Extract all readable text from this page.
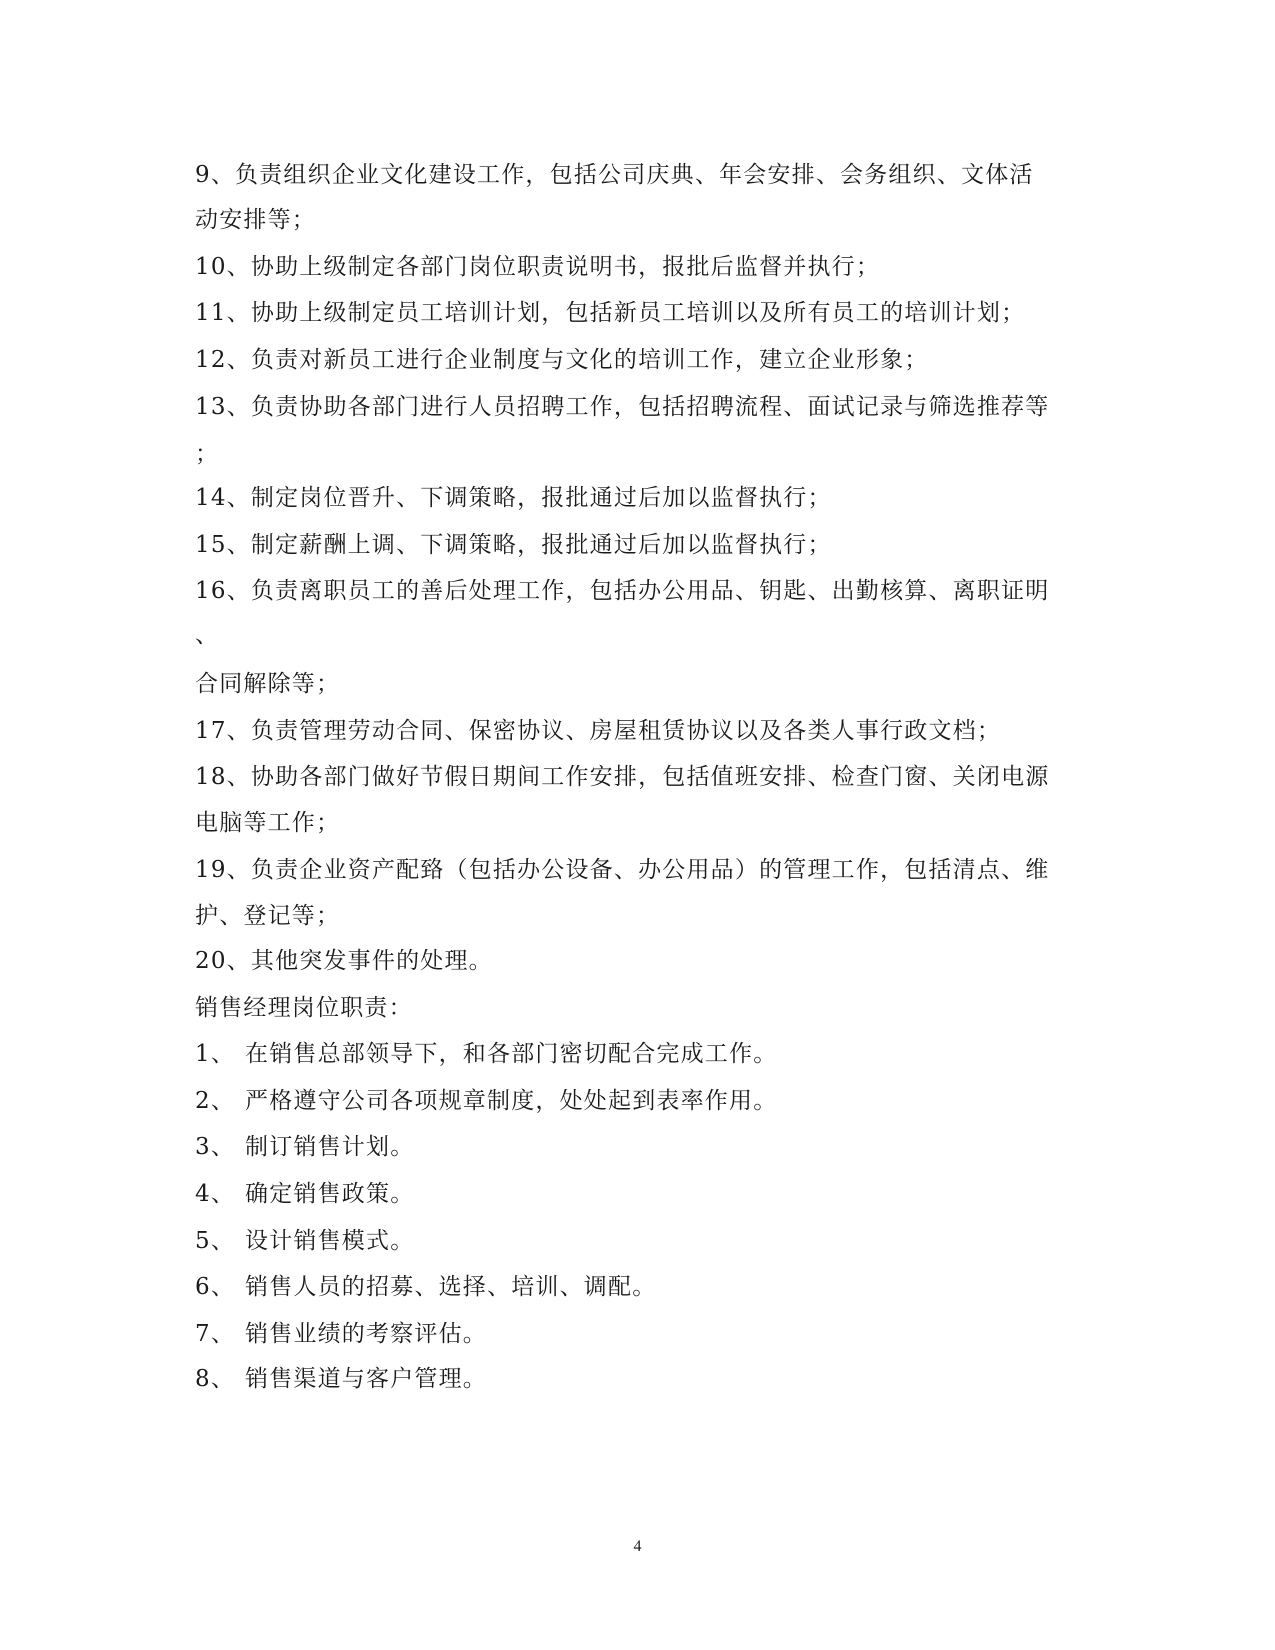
9、负责组织企业文化建设工作，包括公司庆典、年会安排、会务组织、文体活
动安排等；
10、协助上级制定各部门岗位职责说明书，报批后监督并执行；
11、协助上级制定员工培训计划，包括新员工培训以及所有员工的培训计划；
12、负责对新员工进行企业制度与文化的培训工作，建立企业形象；
13、负责协助各部门进行人员招聘工作，包括招聘流程、面试记录与筛选推荐等
；
14、制定岗位晋升、下调策略，报批通过后加以监督执行；
15、制定薪酬上调、下调策略，报批通过后加以监督执行；
16、负责离职员工的善后处理工作，包括办公用品、钥匙、出勤核算、离职证明
、
合同解除等；
17、负责管理劳动合同、保密协议、房屋租赁协议以及各类人事行政文档；
18、协助各部门做好节假日期间工作安排，包括值班安排、检查门窗、关闭电源
电脑等工作；
19、负责企业资产配臵（包括办公设备、办公用品）的管理工作，包括清点、维
护、登记等；
20、其他突发事件的处理。
销售经理岗位职责：
1、 在销售总部领导下，和各部门密切配合完成工作。
2、 严格遵守公司各项规章制度，处处起到表率作用。
3、 制订销售计划。
4、 确定销售政策。
5、 设计销售模式。
6、 销售人员的招募、选择、培训、调配。
7、 销售业绩的考察评估。
8、 销售渠道与客户管理。
4
